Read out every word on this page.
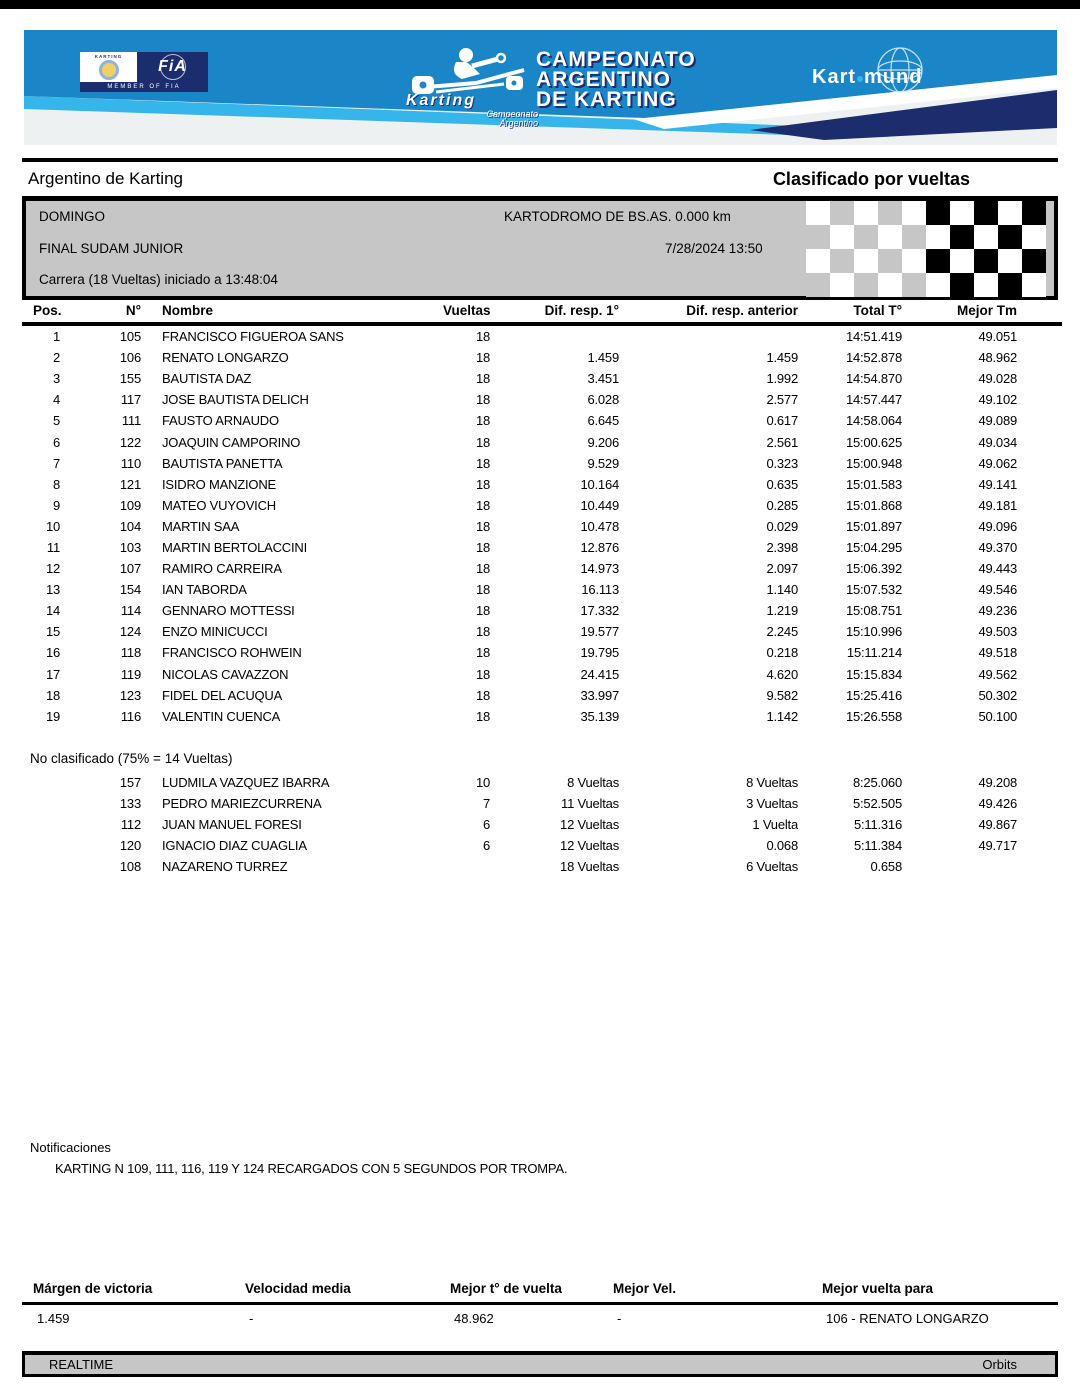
KARTING
FiA
MEMBER OF FIA
Karting
Campeonato
Argentino
CAMPEONATO
ARGENTINO
DE KARTING
Kart mund
Argentino de Karting	Clasificado por vueltas
DOMINGO	KARTODROMO DE BS.AS. 0.000 km
FINAL SUDAM JUNIOR	7/28/2024 13:50
Carrera (18 Vueltas) iniciado a 13:48:04
Pos.	N°	Nombre	Vueltas	Dif. resp. 1°	Dif. resp. anterior	Total T°	Mejor Tm	
1	105	FRANCISCO FIGUEROA SANS	18			14:51.419	49.051	
2	106	RENATO LONGARZO	18	1.459	1.459	14:52.878	48.962	
3	155	BAUTISTA DAZ	18	3.451	1.992	14:54.870	49.028	
4	117	JOSE BAUTISTA DELICH	18	6.028	2.577	14:57.447	49.102	
5	111	FAUSTO ARNAUDO	18	6.645	0.617	14:58.064	49.089	
6	122	JOAQUIN CAMPORINO	18	9.206	2.561	15:00.625	49.034	
7	110	BAUTISTA PANETTA	18	9.529	0.323	15:00.948	49.062	
8	121	ISIDRO MANZIONE	18	10.164	0.635	15:01.583	49.141	
9	109	MATEO VUYOVICH	18	10.449	0.285	15:01.868	49.181	
10	104	MARTIN SAA	18	10.478	0.029	15:01.897	49.096	
11	103	MARTIN BERTOLACCINI	18	12.876	2.398	15:04.295	49.370	
12	107	RAMIRO CARREIRA	18	14.973	2.097	15:06.392	49.443	
13	154	IAN TABORDA	18	16.113	1.140	15:07.532	49.546	
14	114	GENNARO MOTTESSI	18	17.332	1.219	15:08.751	49.236	
15	124	ENZO MINICUCCI	18	19.577	2.245	15:10.996	49.503	
16	118	FRANCISCO ROHWEIN	18	19.795	0.218	15:11.214	49.518	
17	119	NICOLAS CAVAZZON	18	24.415	4.620	15:15.834	49.562	
18	123	FIDEL DEL ACUQUA	18	33.997	9.582	15:25.416	50.302	
19	116	VALENTIN CUENCA	18	35.139	1.142	15:26.558	50.100	
No clasificado (75% = 14 Vueltas)
	157	LUDMILA VAZQUEZ IBARRA	10	8 Vueltas	8 Vueltas	8:25.060	49.208	
	133	PEDRO MARIEZCURRENA	7	11 Vueltas	3 Vueltas	5:52.505	49.426	
	112	JUAN MANUEL FORESI	6	12 Vueltas	1 Vuelta	5:11.316	49.867	
	120	IGNACIO DIAZ CUAGLIA	6	12 Vueltas	0.068	5:11.384	49.717	
	108	NAZARENO TURREZ		18 Vueltas	6 Vueltas	0.658		
Notificaciones
KARTING N 109, 111, 116, 119 Y 124 RECARGADOS CON 5 SEGUNDOS POR TROMPA.
Márgen de victoria
1.459
Velocidad media
-
Mejor t° de vuelta
48.962
Mejor Vel.
-
Mejor vuelta para
106 - RENATO LONGARZO
REALTIME	Orbits
